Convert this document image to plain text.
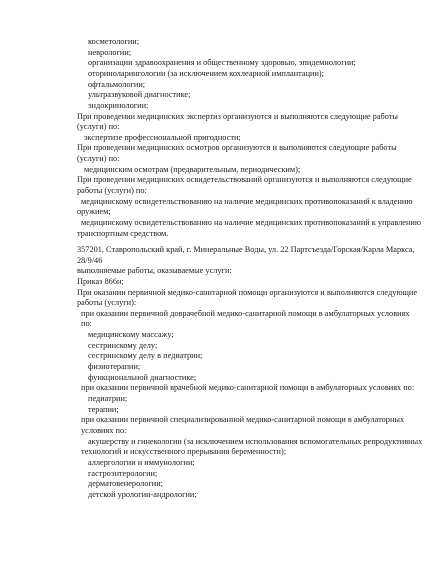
косметологии;
неврологии;
организации здравоохранения и общественному здоровью, эпидемиологии;
оториноларингологии (за исключением кохлеарной имплантации);
офтальмологии;
ультразвуковой диагностике;
эндокринологии;
При проведении медицинских экспертиз организуются и выполняются следующие работы
(услуги) по:
экспертизе профессиональной пригодности;
При проведении медицинских осмотров организуются и выполняются следующие работы
(услуги) по:
медицинским осмотрам (предварительным, периодическим);
При проведении медицинских освидетельствований организуются и выполняются следующие
работы (услуги) по:
медицинскому освидетельствованию на наличие медицинских противопоказаний к владению
оружием;
медицинскому освидетельствованию на наличие медицинских противопоказаний к управлению
транспортным средством.
357201, Ставропольский край, г. Минеральные Воды, ул. 22 Партсъезда/Горская/Карла Маркса,
28/9/46
выполняемые работы, оказываемые услуги:
Приказ 866н;
При оказании первичной медико-санитарной помощи организуются и выполняются следующие
работы (услуги):
при оказании первичной доврачебной медико-санитарной помощи в амбулаторных условиях
по:
медицинскому массажу;
сестринскому делу;
сестринскому делу в педиатрии;
физиотерапии;
функциональной диагностике;
при оказании первичной врачебной медико-санитарной помощи в амбулаторных условиях по:
педиатрии;
терапии;
при оказании первичной специализированной медико-санитарной помощи в амбулаторных
условиях по:
акушерству и гинекологии (за исключением использования вспомогательных репродуктивных
технологий и искусственного прерывания беременности);
аллергологии и иммунологии;
гастроэнтерологии;
дерматовенерологии;
детской урологии-андрологии;
